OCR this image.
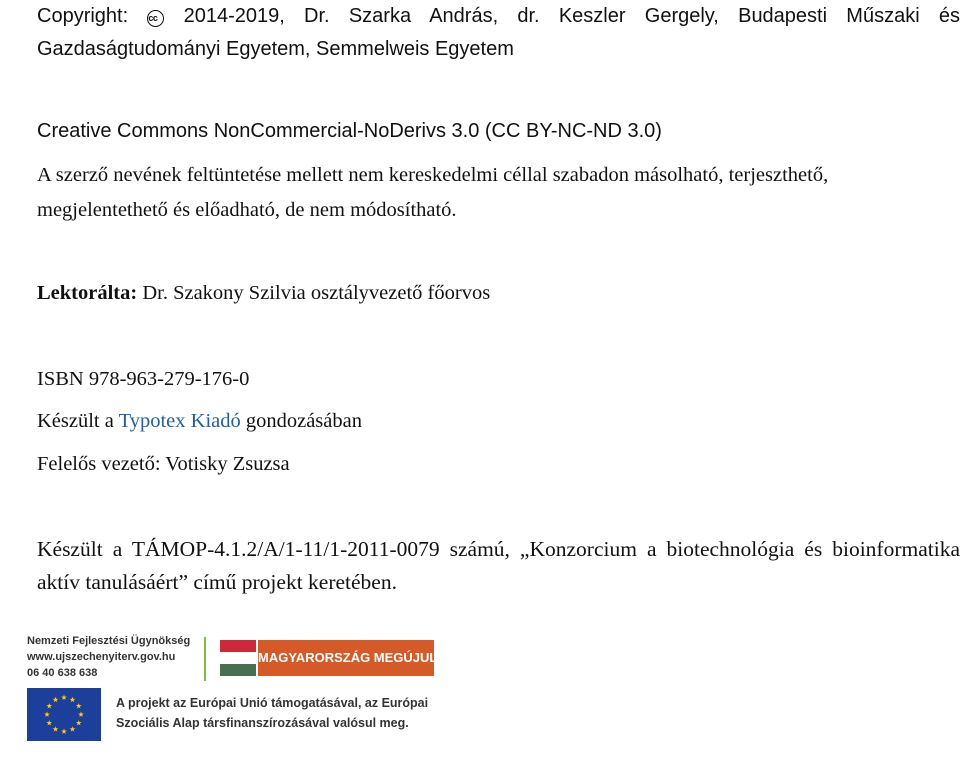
Copyright: cc 2014-2019, Dr. Szarka András, dr. Keszler Gergely, Budapesti Műszaki és Gazdaságtudományi Egyetem, Semmelweis Egyetem
Creative Commons NonCommercial-NoDerivs 3.0 (CC BY-NC-ND 3.0)
A szerző nevének feltüntetése mellett nem kereskedelmi céllal szabadon másolható, terjeszthető, megjelentethető és előadható, de nem módosítható.
Lektorálta: Dr. Szakony Szilvia osztályvezető főorvos
ISBN 978-963-279-176-0
Készült a Typotex Kiadó gondozásában
Felelős vezető: Votisky Zsuzsa
Készült a TÁMOP-4.1.2/A/1-11/1-2011-0079 számú, „Konzorcium a biotechnológia és bioinformatika aktív tanulásáért” című projekt keretében.
Nemzeti Fejlesztési Ügynökség
www.ujszechenyiterv.gov.hu
06 40 638 638
MAGYARORSZÁG MEGÚJUL
A projekt az Európai Unió támogatásával, az Európai Szociális Alap társfinanszírozásával valósul meg.
